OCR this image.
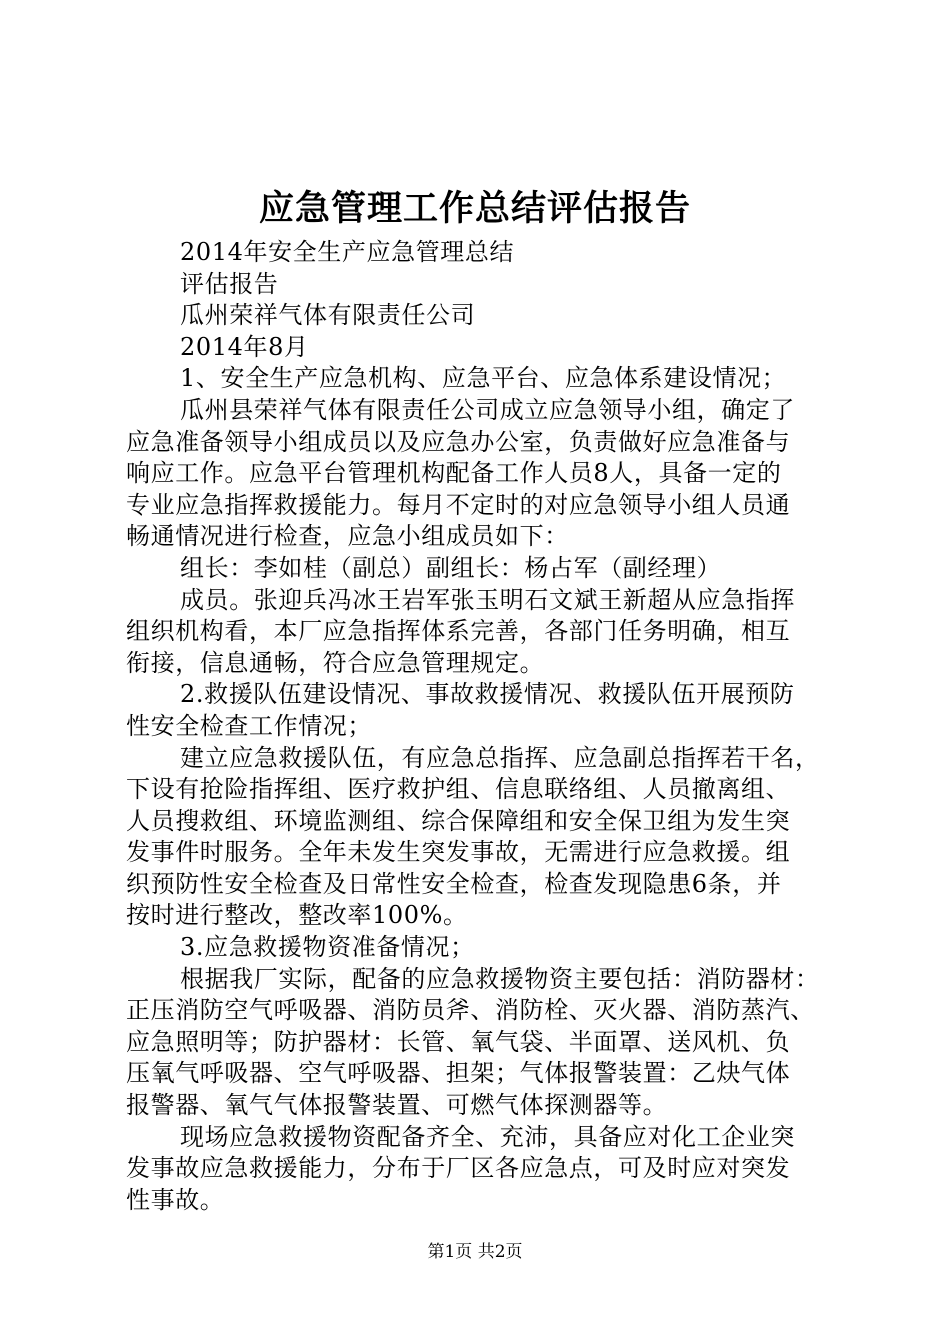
应急管理工作总结评估报告
2014年安全生产应急管理总结
评估报告
瓜州荣祥气体有限责任公司
2014年8月
1、安全生产应急机构、应急平台、应急体系建设情况；
瓜州县荣祥气体有限责任公司成立应急领导小组，确定了
应急准备领导小组成员以及应急办公室，负责做好应急准备与
响应工作。应急平台管理机构配备工作人员8人，具备一定的
专业应急指挥救援能力。每月不定时的对应急领导小组人员通
畅通情况进行检查，应急小组成员如下：
组长：李如桂（副总）副组长：杨占军（副经理）
成员。张迎兵冯冰王岩军张玉明石文斌王新超从应急指挥
组织机构看，本厂应急指挥体系完善，各部门任务明确，相互
衔接，信息通畅，符合应急管理规定。
2.救援队伍建设情况、事故救援情况、救援队伍开展预防
性安全检查工作情况；
建立应急救援队伍，有应急总指挥、应急副总指挥若干名，
下设有抢险指挥组、医疗救护组、信息联络组、人员撤离组、
人员搜救组、环境监测组、综合保障组和安全保卫组为发生突
发事件时服务。全年未发生突发事故，无需进行应急救援。组
织预防性安全检查及日常性安全检查，检查发现隐患6条，并
按时进行整改，整改率100%。
3.应急救援物资准备情况；
根据我厂实际，配备的应急救援物资主要包括：消防器材：
正压消防空气呼吸器、消防员斧、消防栓、灭火器、消防蒸汽、
应急照明等；防护器材：长管、氧气袋、半面罩、送风机、负
压氧气呼吸器、空气呼吸器、担架；气体报警装置：乙炔气体
报警器、氧气气体报警装置、可燃气体探测器等。
现场应急救援物资配备齐全、充沛，具备应对化工企业突
发事故应急救援能力，分布于厂区各应急点，可及时应对突发
性事故。
第1页 共2页
